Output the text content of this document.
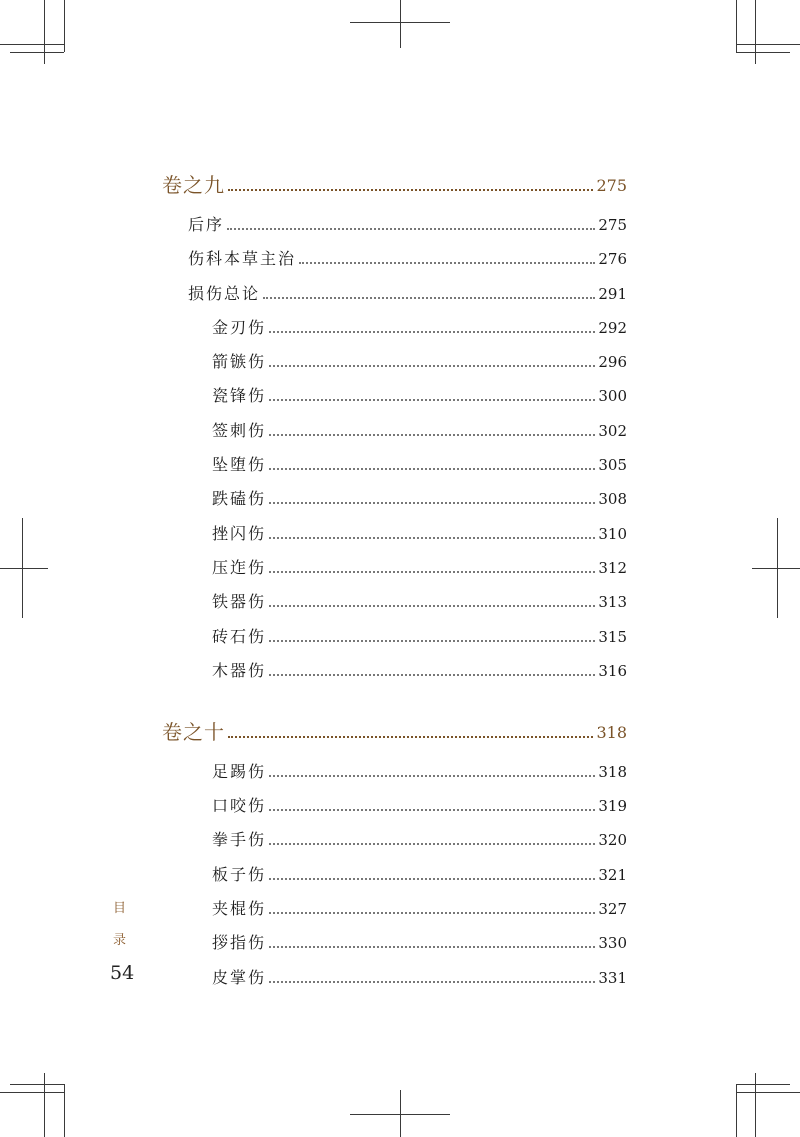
卷之九	275
后序	275
伤科本草主治	276
损伤总论	291
金刃伤	292
箭镞伤	296
瓷锋伤	300
签刺伤	302
坠堕伤	305
跌磕伤	308
挫闪伤	310
压迮伤	312
铁器伤	313
砖石伤	315
木器伤	316
卷之十	318
足踢伤	318
口咬伤	319
拳手伤	320
板子伤	321
夹棍伤	327
拶指伤	330
皮掌伤	331
目
录
54
